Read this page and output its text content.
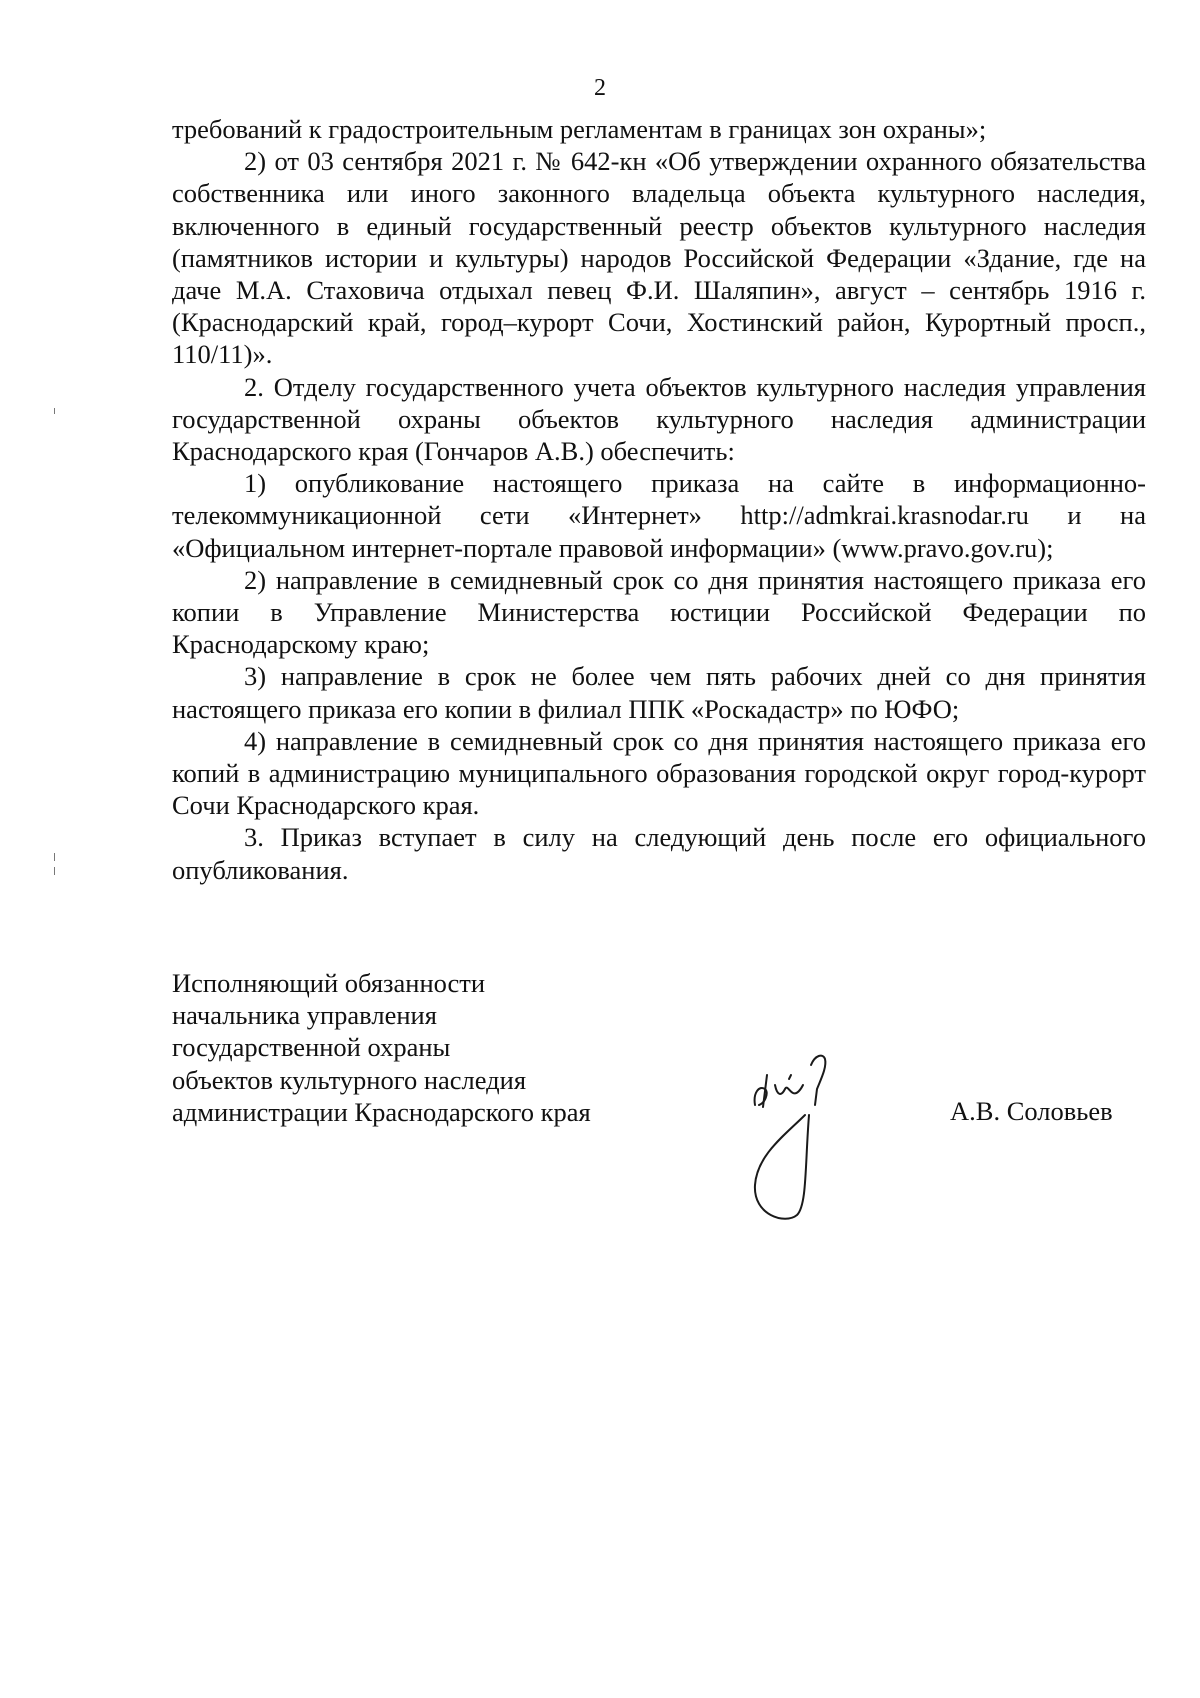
2

требований к градостроительным регламентам в границах зон охраны»;

2) от 03 сентября 2021 г. № 642-кн «Об утверждении охранного обязательства собственника или иного законного владельца объекта культурного наследия, включенного в единый государственный реестр объектов культурного наследия (памятников истории и культуры) народов Российской Федерации «Здание, где на даче М.А. Стаховича отдыхал певец Ф.И. Шаляпин», август – сентябрь 1916 г. (Краснодарский край, город–курорт Сочи, Хостинский район, Курортный просп., 110/11)».

2. Отделу государственного учета объектов культурного наследия управления государственной охраны объектов культурного наследия администрации Краснодарского края (Гончаров А.В.) обеспечить:

1) опубликование настоящего приказа на сайте в информационно-телекоммуникационной сети «Интернет» http://admkrai.krasnodar.ru и на «Официальном интернет-портале правовой информации» (www.pravo.gov.ru);

2) направление в семидневный срок со дня принятия настоящего приказа его копии в Управление Министерства юстиции Российской Федерации по Краснодарскому краю;

3) направление в срок не более чем пять рабочих дней со дня принятия настоящего приказа его копии в филиал ППК «Роскадастр» по ЮФО;

4) направление в семидневный срок со дня принятия настоящего приказа его копий в администрацию муниципального образования городской округ город-курорт Сочи Краснодарского края.

3. Приказ вступает в силу на следующий день после его официального опубликования.

Исполняющий обязанности
начальника управления
государственной охраны
объектов культурного наследия
администрации Краснодарского края	А.В. Соловьев
